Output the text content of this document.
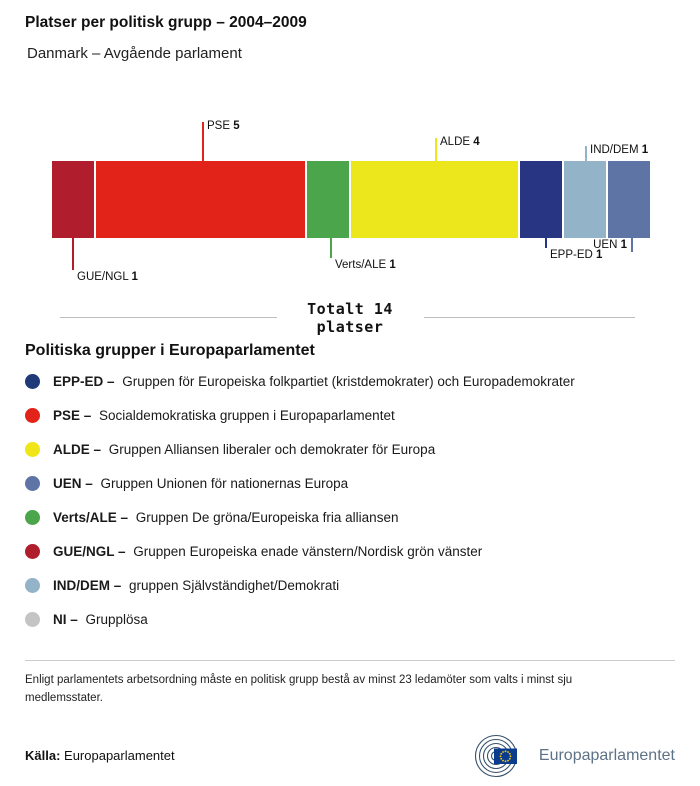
Platser per politisk grupp – 2004–2009
Danmark – Avgående parlament
GUE/NGL 1
PSE 5
Verts/ALE 1
ALDE 4
EPP-ED 1
IND/DEM 1
UEN 1
Totalt 14
platser
Politiska grupper i Europaparlamentet
EPP-ED – Gruppen för Europeiska folkpartiet (kristdemokrater) och Europademokrater
PSE – Socialdemokratiska gruppen i Europaparlamentet
ALDE – Gruppen Alliansen liberaler och demokrater för Europa
UEN – Gruppen Unionen för nationernas Europa
Verts/ALE – Gruppen De gröna/Europeiska fria alliansen
GUE/NGL – Gruppen Europeiska enade vänstern/Nordisk grön vänster
IND/DEM – gruppen Självständighet/Demokrati
NI – Grupplösa
Enligt parlamentets arbetsordning måste en politisk grupp bestå av minst 23 ledamöter som valts i minst sju medlemsstater.
Källa: Europaparlamentet	Europaparlamentet
